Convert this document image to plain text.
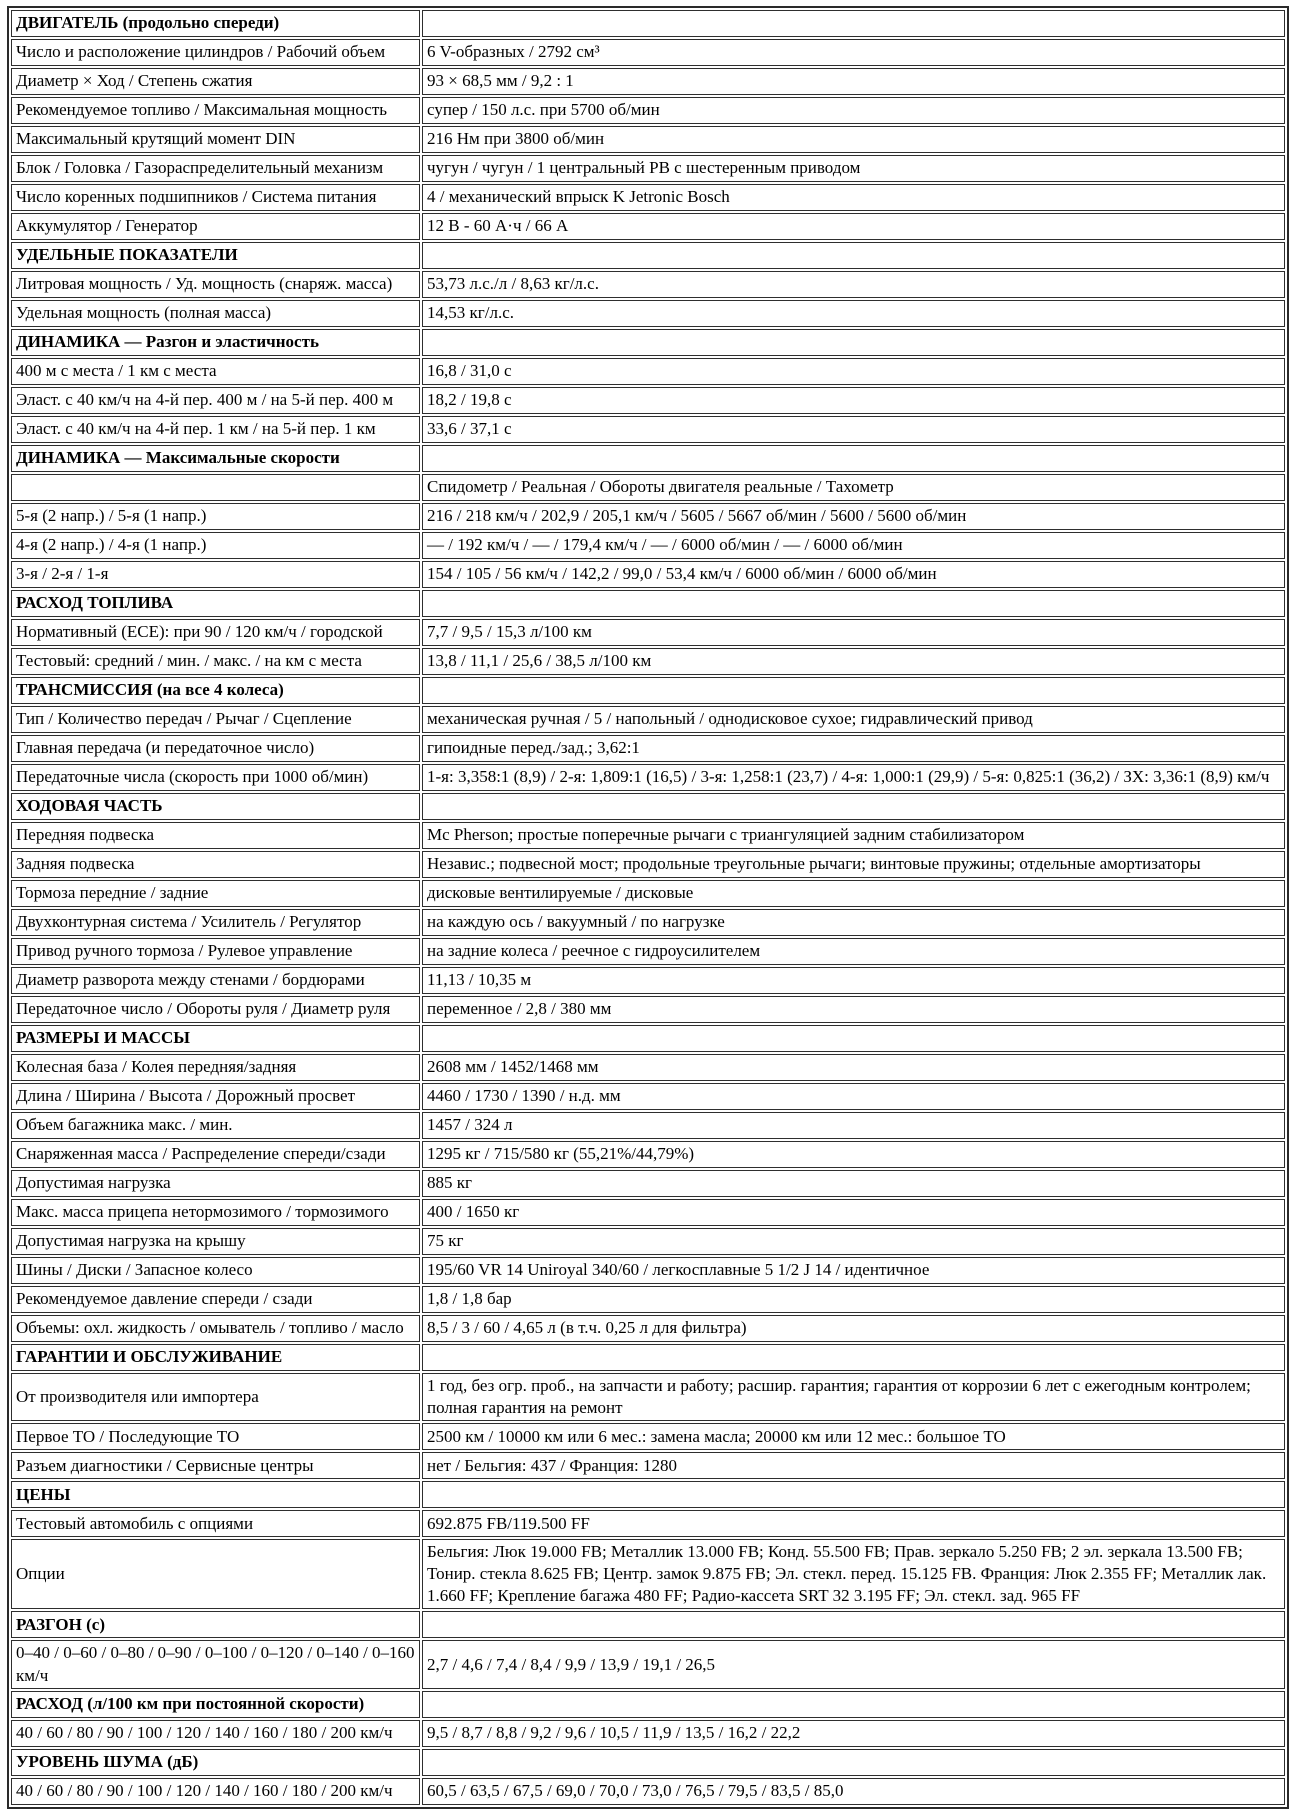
ДВИГАТЕЛЬ (продольно спереди)	
Число и расположение цилиндров / Рабочий объем	6 V-образных / 2792 см³
Диаметр × Ход / Степень сжатия	93 × 68,5 мм / 9,2 : 1
Рекомендуемое топливо / Максимальная мощность	супер / 150 л.с. при 5700 об/мин
Максимальный крутящий момент DIN	216 Нм при 3800 об/мин
Блок / Головка / Газораспределительный механизм	чугун / чугун / 1 центральный РВ с шестеренным приводом
Число коренных подшипников / Система питания	4 / механический впрыск K Jetronic Bosch
Аккумулятор / Генератор	12 В - 60 А·ч / 66 А
УДЕЛЬНЫЕ ПОКАЗАТЕЛИ	
Литровая мощность / Уд. мощность (снаряж. масса)	53,73 л.с./л / 8,63 кг/л.с.
Удельная мощность (полная масса)	14,53 кг/л.с.
ДИНАМИКА — Разгон и эластичность	
400 м с места / 1 км с места	16,8 / 31,0 с
Эласт. с 40 км/ч на 4-й пер. 400 м / на 5-й пер. 400 м	18,2 / 19,8 с
Эласт. с 40 км/ч на 4-й пер. 1 км / на 5-й пер. 1 км	33,6 / 37,1 с
ДИНАМИКА — Максимальные скорости	
	Спидометр / Реальная / Обороты двигателя реальные / Тахометр
5-я (2 напр.) / 5-я (1 напр.)	216 / 218 км/ч / 202,9 / 205,1 км/ч / 5605 / 5667 об/мин / 5600 / 5600 об/мин
4-я (2 напр.) / 4-я (1 напр.)	— / 192 км/ч / — / 179,4 км/ч / — / 6000 об/мин / — / 6000 об/мин
3-я / 2-я / 1-я	154 / 105 / 56 км/ч / 142,2 / 99,0 / 53,4 км/ч / 6000 об/мин / 6000 об/мин
РАСХОД ТОПЛИВА	
Нормативный (ЕСЕ): при 90 / 120 км/ч / городской	7,7 / 9,5 / 15,3 л/100 км
Тестовый: средний / мин. / макс. / на км с места	13,8 / 11,1 / 25,6 / 38,5 л/100 км
ТРАНСМИССИЯ (на все 4 колеса)	
Тип / Количество передач / Рычаг / Сцепление	механическая ручная / 5 / напольный / однодисковое сухое; гидравлический привод
Главная передача (и передаточное число)	гипоидные перед./зад.; 3,62:1
Передаточные числа (скорость при 1000 об/мин)	1-я: 3,358:1 (8,9) / 2-я: 1,809:1 (16,5) / 3-я: 1,258:1 (23,7) / 4-я: 1,000:1 (29,9) / 5-я: 0,825:1 (36,2) / ЗХ: 3,36:1 (8,9) км/ч
ХОДОВАЯ ЧАСТЬ	
Передняя подвеска	Mc Pherson; простые поперечные рычаги с триангуляцией задним стабилизатором
Задняя подвеска	Независ.; подвесной мост; продольные треугольные рычаги; винтовые пружины; отдельные амортизаторы
Тормоза передние / задние	дисковые вентилируемые / дисковые
Двухконтурная система / Усилитель / Регулятор	на каждую ось / вакуумный / по нагрузке
Привод ручного тормоза / Рулевое управление	на задние колеса / реечное с гидроусилителем
Диаметр разворота между стенами / бордюрами	11,13 / 10,35 м
Передаточное число / Обороты руля / Диаметр руля	переменное / 2,8 / 380 мм
РАЗМЕРЫ И МАССЫ	
Колесная база / Колея передняя/задняя	2608 мм / 1452/1468 мм
Длина / Ширина / Высота / Дорожный просвет	4460 / 1730 / 1390 / н.д. мм
Объем багажника макс. / мин.	1457 / 324 л
Снаряженная масса / Распределение спереди/сзади	1295 кг / 715/580 кг (55,21%/44,79%)
Допустимая нагрузка	885 кг
Макс. масса прицепа нетормозимого / тормозимого	400 / 1650 кг
Допустимая нагрузка на крышу	75 кг
Шины / Диски / Запасное колесо	195/60 VR 14 Uniroyal 340/60 / легкосплавные 5 1/2 J 14 / идентичное
Рекомендуемое давление спереди / сзади	1,8 / 1,8 бар
Объемы: охл. жидкость / омыватель / топливо / масло	8,5 / 3 / 60 / 4,65 л (в т.ч. 0,25 л для фильтра)
ГАРАНТИИ И ОБСЛУЖИВАНИЕ	
От производителя или импортера	1 год, без огр. проб., на запчасти и работу; расшир. гарантия; гарантия от коррозии 6 лет с ежегодным контролем; полная гарантия на ремонт
Первое ТО / Последующие ТО	2500 км / 10000 км или 6 мес.: замена масла; 20000 км или 12 мес.: большое ТО
Разъем диагностики / Сервисные центры	нет / Бельгия: 437 / Франция: 1280
ЦЕНЫ	
Тестовый автомобиль с опциями	692.875 FB/119.500 FF
Опции	Бельгия: Люк 19.000 FB; Металлик 13.000 FB; Конд. 55.500 FB; Прав. зеркало 5.250 FB; 2 эл. зеркала 13.500 FB; Тонир. стекла 8.625 FB; Центр. замок 9.875 FB; Эл. стекл. перед. 15.125 FB. Франция: Люк 2.355 FF; Металлик лак. 1.660 FF; Крепление багажа 480 FF; Радио-кассета SRT 32 3.195 FF; Эл. стекл. зад. 965 FF
РАЗГОН (с)	
0–40 / 0–60 / 0–80 / 0–90 / 0–100 / 0–120 / 0–140 / 0–160 км/ч	2,7 / 4,6 / 7,4 / 8,4 / 9,9 / 13,9 / 19,1 / 26,5
РАСХОД (л/100 км при постоянной скорости)	
40 / 60 / 80 / 90 / 100 / 120 / 140 / 160 / 180 / 200 км/ч	9,5 / 8,7 / 8,8 / 9,2 / 9,6 / 10,5 / 11,9 / 13,5 / 16,2 / 22,2
УРОВЕНЬ ШУМА (дБ)	
40 / 60 / 80 / 90 / 100 / 120 / 140 / 160 / 180 / 200 км/ч	60,5 / 63,5 / 67,5 / 69,0 / 70,0 / 73,0 / 76,5 / 79,5 / 83,5 / 85,0
